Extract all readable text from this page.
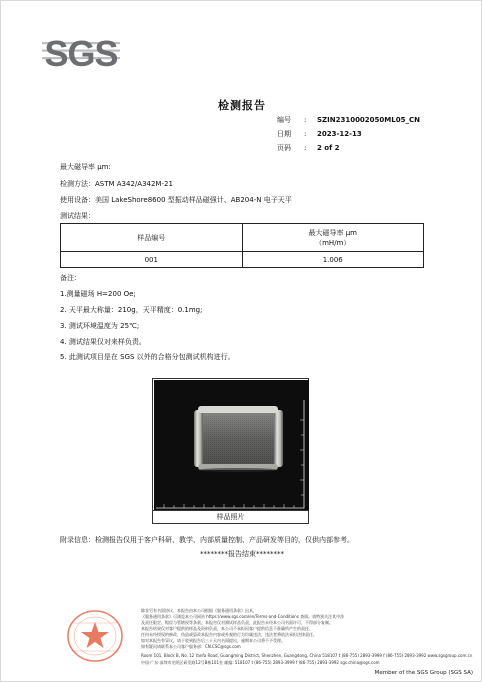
SGS
检测报告
编号	:	SZIN2310002050ML05_CN
日期	:	2023-12-13
页码	:	2 of 2
最大磁导率 μm:
检测方法：ASTM A342/A342M-21
使用设备：美国 LakeShore8600 型振动样品磁强计、AB204-N 电子天平
测试结果：
样品编号	最大磁导率 μm
（mH/m）

001	1.006
备注：
1.测量磁场 H=200 Oe;
2. 天平最大称量：210g，天平精度：0.1mg;
3. 测试环境温度为 25℃;
4. 测试结果仅对来样负责。
5. 此测试项目是在 SGS 以外的合格分包测试机构进行。
样品照片
附录信息：检测报告仅用于客户科研、教学、内部质量控制、产品研发等目的，仅供内部参考。
********报告结束********
除非另有书面协议，本报告由本公司根据《服务通用条款》出具，
《服务通用条款》可浏览本公司网站 https://www.sgs.com/en/Terms-and-Conditions 查阅。请特别关注其中涉
及责任限定、赔偿与管辖权等条款。本报告仅对测试样品负责，此报告未经本公司书面许可，不得部分复制。
本报告结果仅对客户提供的样品及资料负责，本公司不承担因客户提供信息不准确所产生的责任。
任何未经授权的修改、伪造或篡改本报告内容或外观的行为均属违法，违法者将依法承担法律责任。
如对本报告有异议，请于收到报告后三十天内书面提出，逾期本公司将不予受理。
如有疑问请联系本公司客户服务部：CN.CSC@sgs.com
Room 101, Block B, No. 12 Yanfa Road, Guangming District, Shenzhen, Guangdong, China 518107 t (86-755) 2893-3999 f (86-755) 2893-3992 www.sgsgroup.com.cn
中国·广东·深圳市光明区研发路12号B栋101室 邮编: 518107 t (86-755) 2893-3999 f (86-755) 2893-3992 sgs.china@sgs.com
Member of the SGS Group (SGS SA)
